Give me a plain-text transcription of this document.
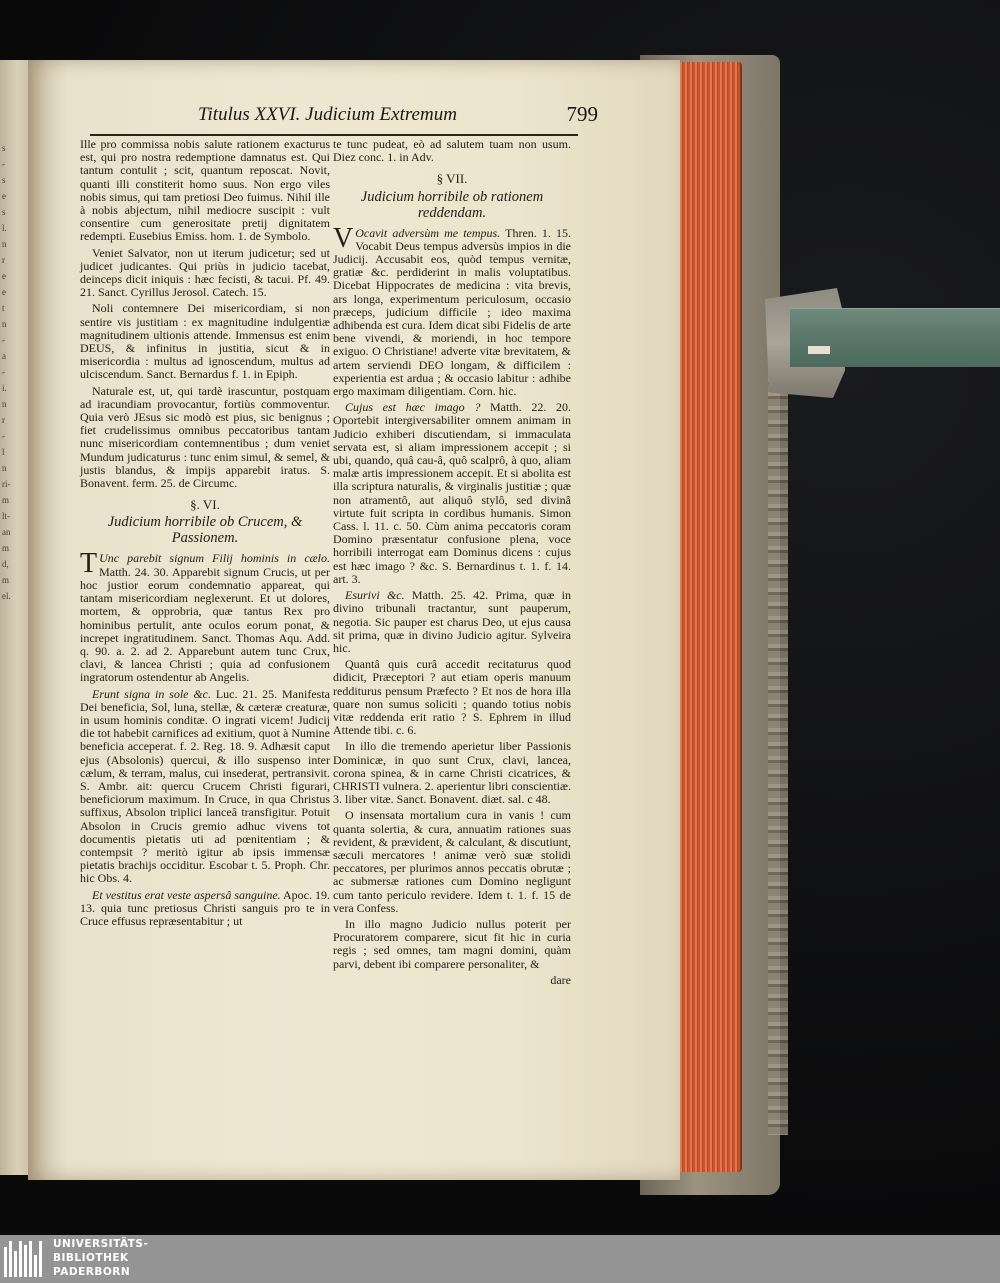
s
-
s
e
s
l.
n
r
e
e
t
n
-
a
-
i.
n
r
-
l
n
ri-
m
lt-
an
m
d,
m
el.
Titulus XXVI. Judicium Extremum	799

Ille pro commissa nobis salute rationem exacturus est, qui pro nostra redemptione damnatus est. Qui tantum contulit ; scit, quantum reposcat. Novit, quanti illi constiterit homo suus. Non ergo viles nobis simus, qui tam pretiosi Deo fuimus. Nihil ille à nobis abjectum, nihil mediocre suscipit : vult consentire cum generositate pretij dignitatem redempti. Eusebius Emiss. hom. 1. de Symbolo.

Veniet Salvator, non ut iterum judicetur; sed ut judicet judicantes. Qui priùs in judicio tacebat, deinceps dicit iniquis : hæc fecisti, & tacui. Pf. 49. 21. Sanct. Cyrillus Jerosol. Catech. 15.

Noli contemnere Dei misericordiam, si non sentire vis justitiam : ex magnitudine indulgentiæ magnitudinem ultionis attende. Immensus est enim DEUS, & infinitus in justitia, sicut & in misericordia : multus ad ignoscendum, multus ad ulciscendum. Sanct. Bernardus f. 1. in Epiph.

Naturale est, ut, qui tardè irascuntur, postquam ad iracundiam provocantur, fortiùs commoventur. Quia verò JEsus sic modò est pius, sic benignus ; fiet crudelissimus omnibus peccatoribus tantam nunc misericordiam contemnentibus ; dum veniet Mundum judicaturus : tunc enim simul, & semel, & justis blandus, & impijs apparebit iratus. S. Bonavent. ferm. 25. de Circumc.

§. VI.

Judicium horribile ob Crucem, & Passionem.

T Unc parebit signum Filij hominis in cælo. Matth. 24. 30. Apparebit signum Crucis, ut per hoc justior eorum condemnatio appareat, qui tantam misericordiam neglexerunt. Et ut dolores, mortem, & opprobria, quæ tantus Rex pro hominibus pertulit, ante oculos eorum ponat, & increpet ingratitudinem. Sanct. Thomas Aqu. Add. q. 90. a. 2. ad 2. Apparebunt autem tunc Crux, clavi, & lancea Christi ; quia ad confusionem ingratorum ostendentur ab Angelis.

Erunt signa in sole &c. Luc. 21. 25. Manifesta Dei beneficia, Sol, luna, stellæ, & cæteræ creaturæ, in usum hominis conditæ. O ingrati vicem! Judicij die tot habebit carnifices ad exitium, quot à Numine beneficia acceperat. f. 2. Reg. 18. 9. Adhæsit caput ejus (Absolonis) quercui, & illo suspenso inter cælum, & terram, malus, cui insederat, pertransivit. S. Ambr. ait: quercu Crucem Christi figurari, beneficiorum maximum. In Cruce, in qua Christus suffixus, Absolon triplici lanceâ transfigitur. Potuit Absolon in Crucis gremio adhuc vivens tot documentis pietatis uti ad pœnitentiam ; & contempsit ? meritò igitur ab ipsis immensæ pietatis brachijs occiditur. Escobar t. 5. Proph. Chr. hic Obs. 4.

Et vestitus erat veste aspersâ sanguine. Apoc. 19. 13. quia tunc pretiosus Christi sanguis pro te in Cruce effusus repræsentabitur ; ut

te tunc pudeat, eò ad salutem tuam non usum. Diez conc. 1. in Adv.

§ VII.

Judicium horribile ob rationem reddendam.

V Ocavit adversùm me tempus. Thren. 1. 15. Vocabit Deus tempus adversùs impios in die Judicij. Accusabit eos, quòd tempus vernitæ, gratiæ &c. perdiderint in malis voluptatibus. Dicebat Hippocrates de medicina : vita brevis, ars longa, experimentum periculosum, occasio præceps, judicium difficile ; ideo maxima adhibenda est cura. Idem dicat sibi Fidelis de arte bene vivendi, & moriendi, in hoc tempore exiguo. O Christiane! adverte vitæ brevitatem, & artem serviendi DEO longam, & difficilem : experientia est ardua ; & occasio labitur : adhibe ergo maximam diligentiam. Corn. hic.

Cujus est hæc imago ? Matth. 22. 20. Oportebit intergiversabiliter omnem animam in Judicio exhiberi discutiendam, si immaculata servata est, si aliam impressionem accepit ; si ubi, quando, quâ cau-â, quô scalprô, à quo, aliam malæ artis impressionem accepit. Et si abolita est illa scriptura naturalis, & virginalis justitiæ ; quæ non atramentô, aut aliquô stylô, sed divinâ virtute fuit scripta in cordibus humanis. Simon Cass. l. 11. c. 50. Cùm anima peccatoris coram Domino præsentatur confusione plena, voce horribili interrogat eam Dominus dicens : cujus est hæc imago ? &c. S. Bernardinus t. 1. f. 14. art. 3.

Esurivi &c. Matth. 25. 42. Prima, quæ in divino tribunali tractantur, sunt pauperum, negotia. Sic pauper est charus Deo, ut ejus causa sit prima, quæ in divino Judicio agitur. Sylveira hic.

Quantâ quis curâ accedit recitaturus quod didicit, Præceptori ? aut etiam operis manuum redditurus pensum Præfecto ? Et nos de hora illa quare non sumus soliciti ; quando totius nobis vitæ reddenda erit ratio ? S. Ephrem in illud Attende tibi. c. 6.

In illo die tremendo aperietur liber Passionis Dominicæ, in quo sunt Crux, clavi, lancea, corona spinea, & in carne Christi cicatrices, & CHRISTI vulnera. 2. aperientur libri conscientiæ. 3. liber vitæ. Sanct. Bonavent. diæt. sal. c 48.

O insensata mortalium cura in vanis ! cum quanta solertia, & cura, annuatim rationes suas revident, & prævident, & calculant, & discutiunt, sæculi mercatores ! animæ verò suæ stolidi peccatores, per plurimos annos peccatis obrutæ ; ac submersæ rationes cum Domino negligunt cum tanto periculo revidere. Idem t. 1. f. 15 de vera Confess.

In illo magno Judicio nullus poterit per Procuratorem comparere, sicut fit hic in curia regis ; sed omnes, tam magni domini, quàm parvi, debent ibi comparere personaliter, &

dare

UNIVERSITÄTS-
BIBLIOTHEK
PADERBORN
